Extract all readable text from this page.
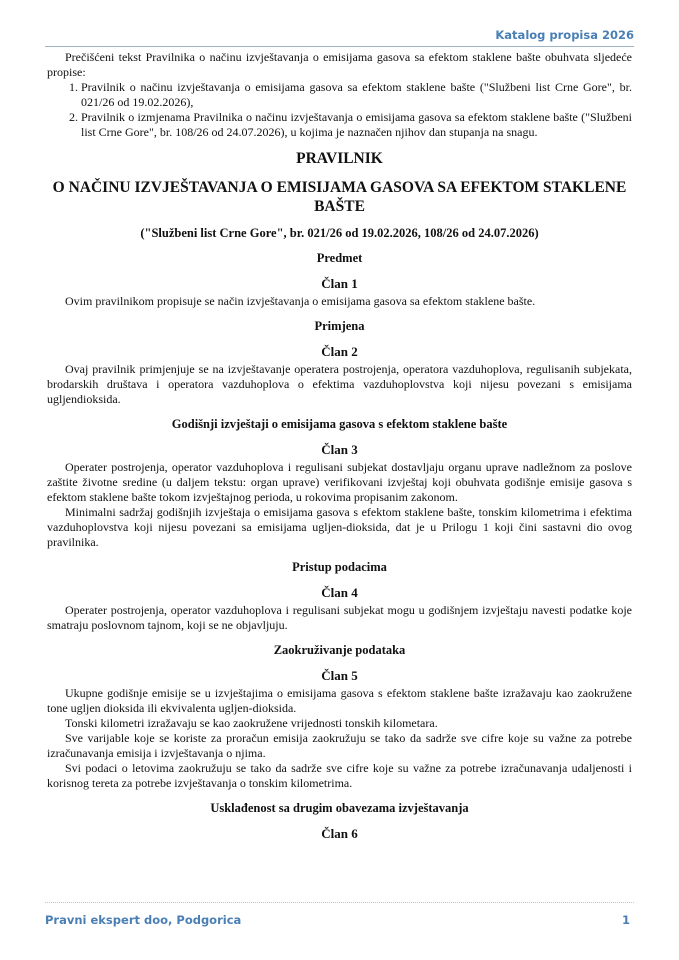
Katalog propisa 2026

Prečišćeni tekst Pravilnika o načinu izvještavanja o emisijama gasova sa efektom staklene bašte obuhvata sljedeće propise:

1. Pravilnik o načinu izvještavanja o emisijama gasova sa efektom staklene bašte ("Službeni list Crne Gore", br. 021/26 od 19.02.2026),
2. Pravilnik o izmjenama Pravilnika o načinu izvještavanja o emisijama gasova sa efektom staklene bašte ("Službeni list Crne Gore", br. 108/26 od 24.07.2026), u kojima je naznačen njihov dan stupanja na snagu.
PRAVILNIK
O NAČINU IZVJEŠTAVANJA O EMISIJAMA GASOVA SA EFEKTOM STAKLENE BAŠTE
("Službeni list Crne Gore", br. 021/26 od 19.02.2026, 108/26 od 24.07.2026)
Predmet
Član 1

Ovim pravilnikom propisuje se način izvještavanja o emisijama gasova sa efektom staklene bašte.

Primjena
Član 2

Ovaj pravilnik primjenjuje se na izvještavanje operatera postrojenja, operatora vazduhoplova, regulisanih subjekata, brodarskih društava i operatora vazduhoplova o efektima vazduhoplovstva koji nijesu povezani s emisijama ugljendioksida.

Godišnji izvještaji o emisijama gasova s efektom staklene bašte
Član 3

Operater postrojenja, operator vazduhoplova i regulisani subjekat dostavljaju organu uprave nadležnom za poslove zaštite životne sredine (u daljem tekstu: organ uprave) verifikovani izvještaj koji obuhvata godišnje emisije gasova s efektom staklene bašte tokom izvještajnog perioda, u rokovima propisanim zakonom.

Minimalni sadržaj godišnjih izvještaja o emisijama gasova s efektom staklene bašte, tonskim kilometrima i efektima vazduhoplovstva koji nijesu povezani sa emisijama ugljen-dioksida, dat je u Prilogu 1 koji čini sastavni dio ovog pravilnika.

Pristup podacima
Član 4

Operater postrojenja, operator vazduhoplova i regulisani subjekat mogu u godišnjem izvještaju navesti podatke koje smatraju poslovnom tajnom, koji se ne objavljuju.

Zaokruživanje podataka
Član 5

Ukupne godišnje emisije se u izvještajima o emisijama gasova s efektom staklene bašte izražavaju kao zaokružene tone ugljen dioksida ili ekvivalenta ugljen-dioksida.

Tonski kilometri izražavaju se kao zaokružene vrijednosti tonskih kilometara.

Sve varijable koje se koriste za proračun emisija zaokružuju se tako da sadrže sve cifre koje su važne za potrebe izračunavanja emisija i izvještavanja o njima.

Svi podaci o letovima zaokružuju se tako da sadrže sve cifre koje su važne za potrebe izračunavanja udaljenosti i korisnog tereta za potrebe izvještavanja o tonskim kilometrima.

Usklađenost sa drugim obavezama izvještavanja
Član 6
Pravni ekspert doo, Podgorica	1
